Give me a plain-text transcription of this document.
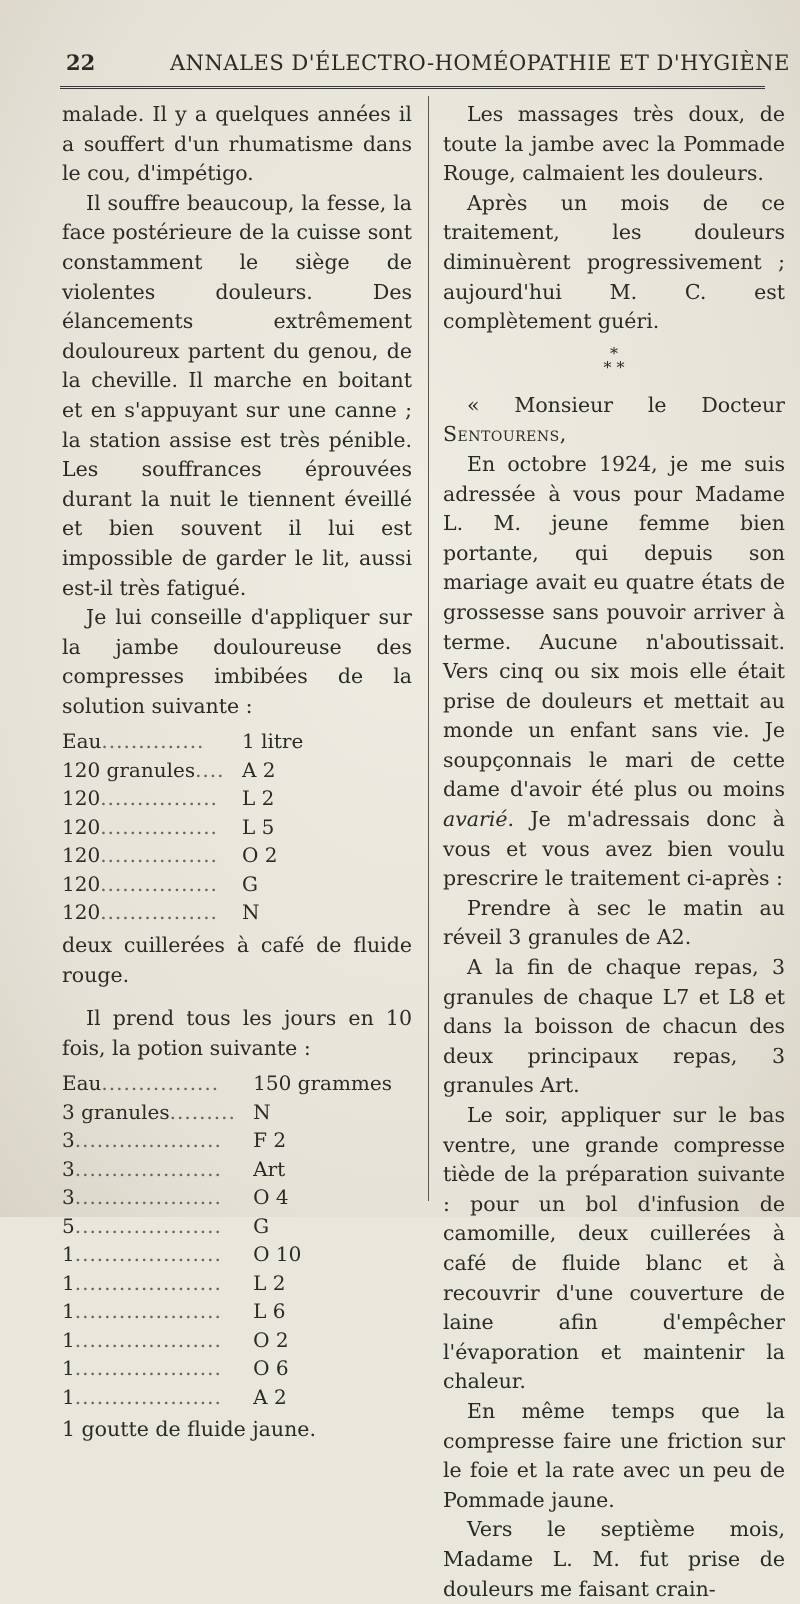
22	ANNALES D'ÉLECTRO-HOMÉOPATHIE ET D'HYGIÈNE

malade. Il y a quelques années il a souffert d'un rhumatisme dans le cou, d'impétigo.

Il souffre beaucoup, la fesse, la face postérieure de la cuisse sont constamment le siège de violentes douleurs. Des élancements extrêmement douloureux partent du genou, de la cheville. Il marche en boitant et en s'appuyant sur une canne ; la station assise est très pénible. Les souffrances éprouvées durant la nuit le tiennent éveillé et bien souvent il lui est impossible de garder le lit, aussi est-il très fatigué.

Je lui conseille d'appliquer sur la jambe douloureuse des compresses imbibées de la solution suivante :

Eau..............	1 litre
120 granules....	A 2
120................	L 2
120................	L 5
120................	O 2
120................	G
120................	N

deux cuillerées à café de fluide rouge.

Il prend tous les jours en 10 fois, la potion suivante :

Eau................	150 grammes
3 granules.........	N
3....................	F 2
3....................	Art
3....................	O 4
5....................	G
1....................	O 10
1....................	L 2
1....................	L 6
1....................	O 2
1....................	O 6
1....................	A 2

1 goutte de fluide jaune.

Les massages très doux, de toute la jambe avec la Pommade Rouge, calmaient les douleurs.

Après un mois de ce traitement, les douleurs diminuèrent progressivement ; aujourd'hui M. C. est complètement guéri.

*
* *

« Monsieur le Docteur Sentourens,

En octobre 1924, je me suis adressée à vous pour Madame L. M. jeune femme bien portante, qui depuis son mariage avait eu quatre états de grossesse sans pouvoir arriver à terme. Aucune n'aboutissait. Vers cinq ou six mois elle était prise de douleurs et mettait au monde un enfant sans vie. Je soupçonnais le mari de cette dame d'avoir été plus ou moins avarié. Je m'adressais donc à vous et vous avez bien voulu prescrire le traitement ci-après :

Prendre à sec le matin au réveil 3 granules de A2.

A la fin de chaque repas, 3 granules de chaque L7 et L8 et dans la boisson de chacun des deux principaux repas, 3 granules Art.

Le soir, appliquer sur le bas ventre, une grande compresse tiède de la préparation suivante : pour un bol d'infusion de camomille, deux cuillerées à café de fluide blanc et à recouvrir d'une couverture de laine afin d'empêcher l'évaporation et maintenir la chaleur.

En même temps que la compresse faire une friction sur le foie et la rate avec un peu de Pommade jaune.

Vers le septième mois, Madame L. M. fut prise de douleurs me faisant crain-
